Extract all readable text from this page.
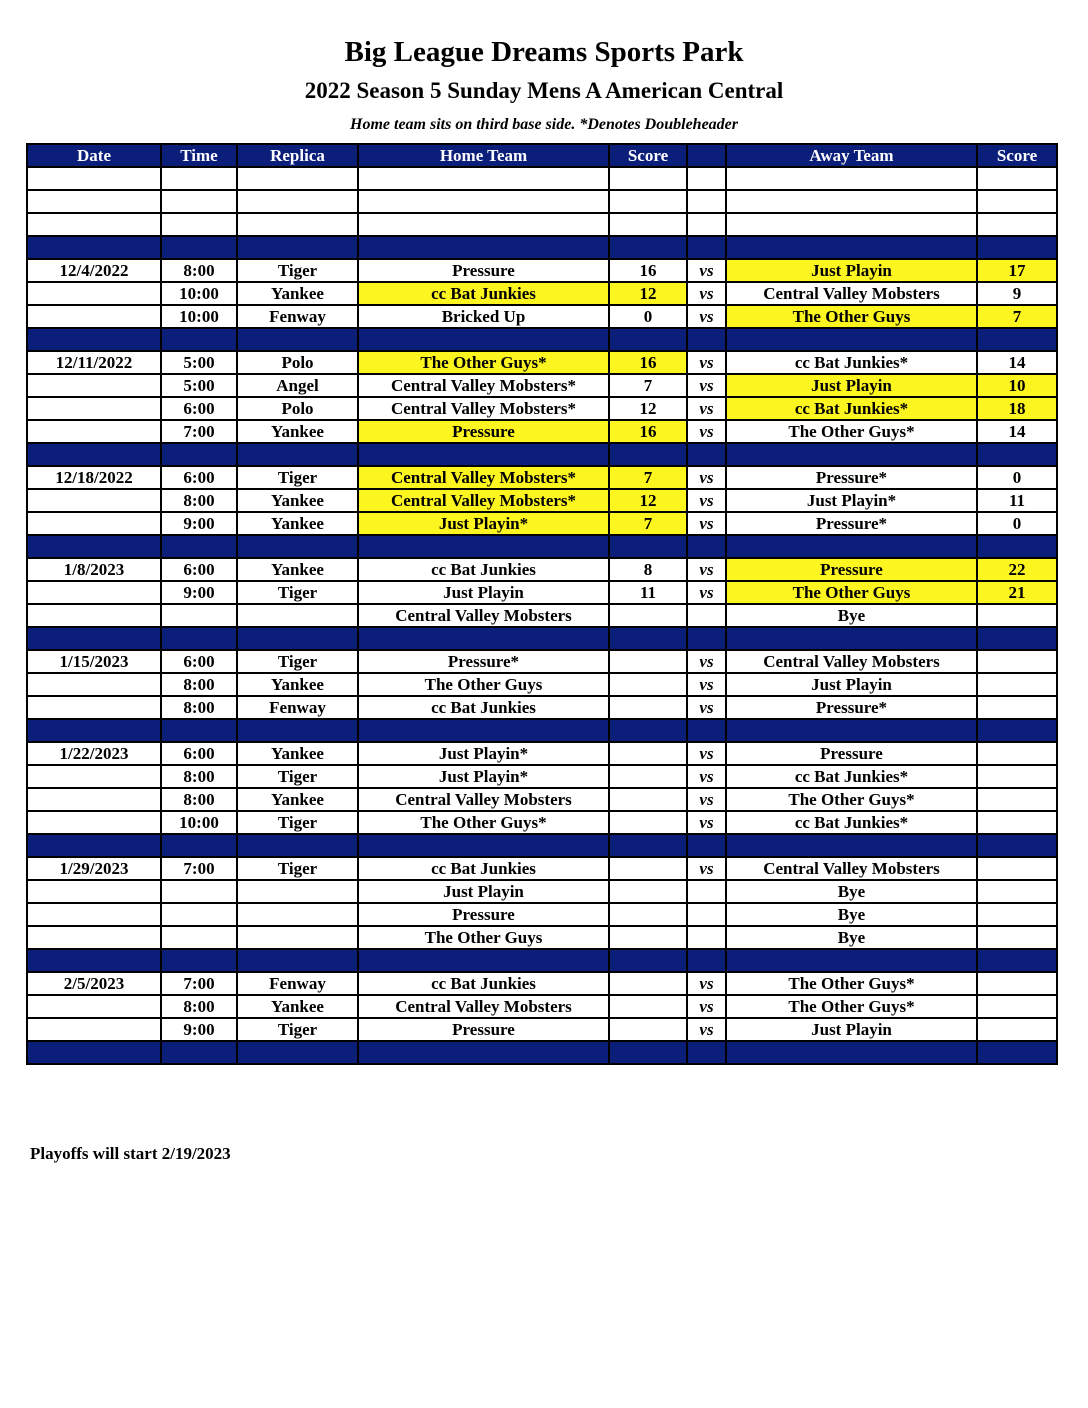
Big League Dreams Sports Park
2022 Season 5 Sunday Mens A American Central
Home team sits on third base side. *Denotes Doubleheader
Date	Time	Replica	Home Team	Score		Away Team	Score

12/4/2022	8:00	Tiger	Pressure	16	vs	Just Playin	17
	10:00	Yankee	cc Bat Junkies	12	vs	Central Valley Mobsters	9
	10:00	Fenway	Bricked Up	0	vs	The Other Guys	7

12/11/2022	5:00	Polo	The Other Guys*	16	vs	cc Bat Junkies*	14
	5:00	Angel	Central Valley Mobsters*	7	vs	Just Playin	10
	6:00	Polo	Central Valley Mobsters*	12	vs	cc Bat Junkies*	18
	7:00	Yankee	Pressure	16	vs	The Other Guys*	14

12/18/2022	6:00	Tiger	Central Valley Mobsters*	7	vs	Pressure*	0
	8:00	Yankee	Central Valley Mobsters*	12	vs	Just Playin*	11
	9:00	Yankee	Just Playin*	7	vs	Pressure*	0

1/8/2023	6:00	Yankee	cc Bat Junkies	8	vs	Pressure	22
	9:00	Tiger	Just Playin	11	vs	The Other Guys	21
			Central Valley Mobsters			Bye	

1/15/2023	6:00	Tiger	Pressure*		vs	Central Valley Mobsters	
	8:00	Yankee	The Other Guys		vs	Just Playin	
	8:00	Fenway	cc Bat Junkies		vs	Pressure*	

1/22/2023	6:00	Yankee	Just Playin*		vs	Pressure	
	8:00	Tiger	Just Playin*		vs	cc Bat Junkies*	
	8:00	Yankee	Central Valley Mobsters		vs	The Other Guys*	
	10:00	Tiger	The Other Guys*		vs	cc Bat Junkies*	

1/29/2023	7:00	Tiger	cc Bat Junkies		vs	Central Valley Mobsters	
			Just Playin			Bye	
			Pressure			Bye	
			The Other Guys			Bye	

2/5/2023	7:00	Fenway	cc Bat Junkies		vs	The Other Guys*	
	8:00	Yankee	Central Valley Mobsters		vs	The Other Guys*	
	9:00	Tiger	Pressure		vs	Just Playin	

Playoffs will start 2/19/2023
